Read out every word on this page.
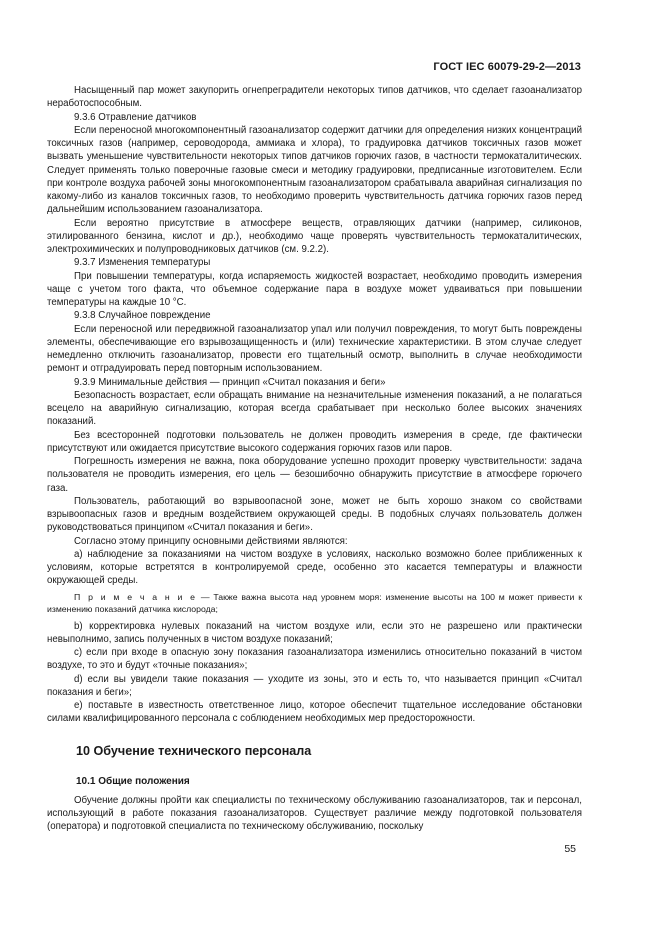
ГОСТ IEC 60079-29-2—2013

Насыщенный пар может закупорить огнепреградители некоторых типов датчиков, что сделает газоанализатор неработоспособным.

9.3.6 Отравление датчиков

Если переносной многокомпонентный газоанализатор содержит датчики для определения низких концентраций токсичных газов (например, сероводорода, аммиака и хлора), то градуировка датчиков токсичных газов может вызвать уменьшение чувствительности некоторых типов датчиков горючих газов, в частности термокаталитических. Следует применять только поверочные газовые смеси и методику градуировки, предписанные изготовителем. Если при контроле воздуха рабочей зоны многокомпонентным газоанализатором срабатывала аварийная сигнализация по какому-либо из каналов токсичных газов, то необходимо проверить чувствительность датчика горючих газов перед дальнейшим использованием газоанализатора.

Если вероятно присутствие в атмосфере веществ, отравляющих датчики (например, силиконов, этилированного бензина, кислот и др.), необходимо чаще проверять чувствительность термокаталитических, электрохимических и полупроводниковых датчиков (см. 9.2.2).

9.3.7 Изменения температуры

При повышении температуры, когда испаряемость жидкостей возрастает, необходимо проводить измерения чаще с учетом того факта, что объемное содержание пара в воздухе может удваиваться при повышении температуры на каждые 10 °С.

9.3.8 Случайное повреждение

Если переносной или передвижной газоанализатор упал или получил повреждения, то могут быть повреждены элементы, обеспечивающие его взрывозащищенность и (или) технические характеристики. В этом случае следует немедленно отключить газоанализатор, провести его тщательный осмотр, выполнить в случае необходимости ремонт и отградуировать перед повторным использованием.

9.3.9 Минимальные действия — принцип «Считал показания и беги»

Безопасность возрастает, если обращать внимание на незначительные изменения показаний, а не полагаться всецело на аварийную сигнализацию, которая всегда срабатывает при несколько более высоких значениях показаний.

Без всесторонней подготовки пользователь не должен проводить измерения в среде, где фактически присутствуют или ожидается присутствие высокого содержания горючих газов или паров.

Погрешность измерения не важна, пока оборудование успешно проходит проверку чувствительности: задача пользователя не проводить измерения, его цель — безошибочно обнаружить присутствие в атмосфере горючего газа.

Пользователь, работающий во взрывоопасной зоне, может не быть хорошо знаком со свойствами взрывоопасных газов и вредным воздействием окружающей среды. В подобных случаях пользователь должен руководствоваться принципом «Считал показания и беги».

Согласно этому принципу основными действиями являются:

а) наблюдение за показаниями на чистом воздухе в условиях, насколько возможно более приближенных к условиям, которые встретятся в контролируемой среде, особенно это касается температуры и влажности окружающей среды.

П р и м е ч а н и е — Также важна высота над уровнем моря: изменение высоты на 100 м может привести к изменению показаний датчика кислорода;

b) корректировка нулевых показаний на чистом воздухе или, если это не разрешено или практически невыполнимо, запись полученных в чистом воздухе показаний;

c) если при входе в опасную зону показания газоанализатора изменились относительно показаний в чистом воздухе, то это и будут «точные показания»;

d) если вы увидели такие показания — уходите из зоны, это и есть то, что называется принцип «Считал показания и беги»;

e) поставьте в известность ответственное лицо, которое обеспечит тщательное исследование обстановки силами квалифицированного персонала с соблюдением необходимых мер предосторожности.

10 Обучение технического персонала
10.1 Общие положения

Обучение должны пройти как специалисты по техническому обслуживанию газоанализаторов, так и персонал, использующий в работе показания газоанализаторов. Существует различие между подготовкой пользователя (оператора) и подготовкой специалиста по техническому обслуживанию, поскольку

55
